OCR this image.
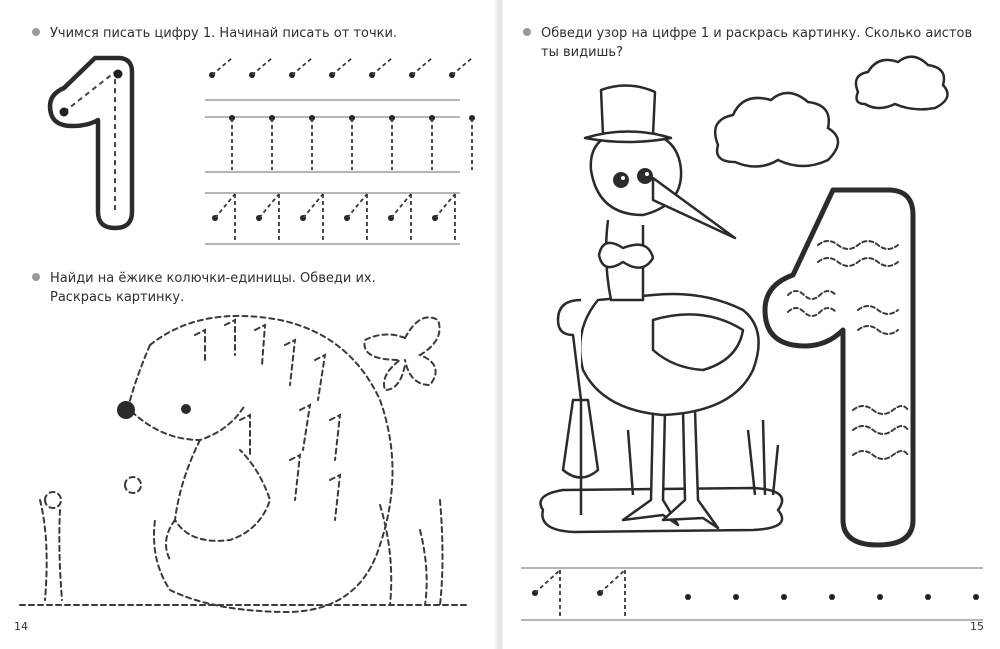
Учимся писать цифру 1. Начинай писать от точки.
Найди на ёжике колючки-единицы. Обведи их.
Раскрась картинку.
14
Обведи узор на цифре 1 и раскрась картинку. Сколько аистов
ты видишь?
15
